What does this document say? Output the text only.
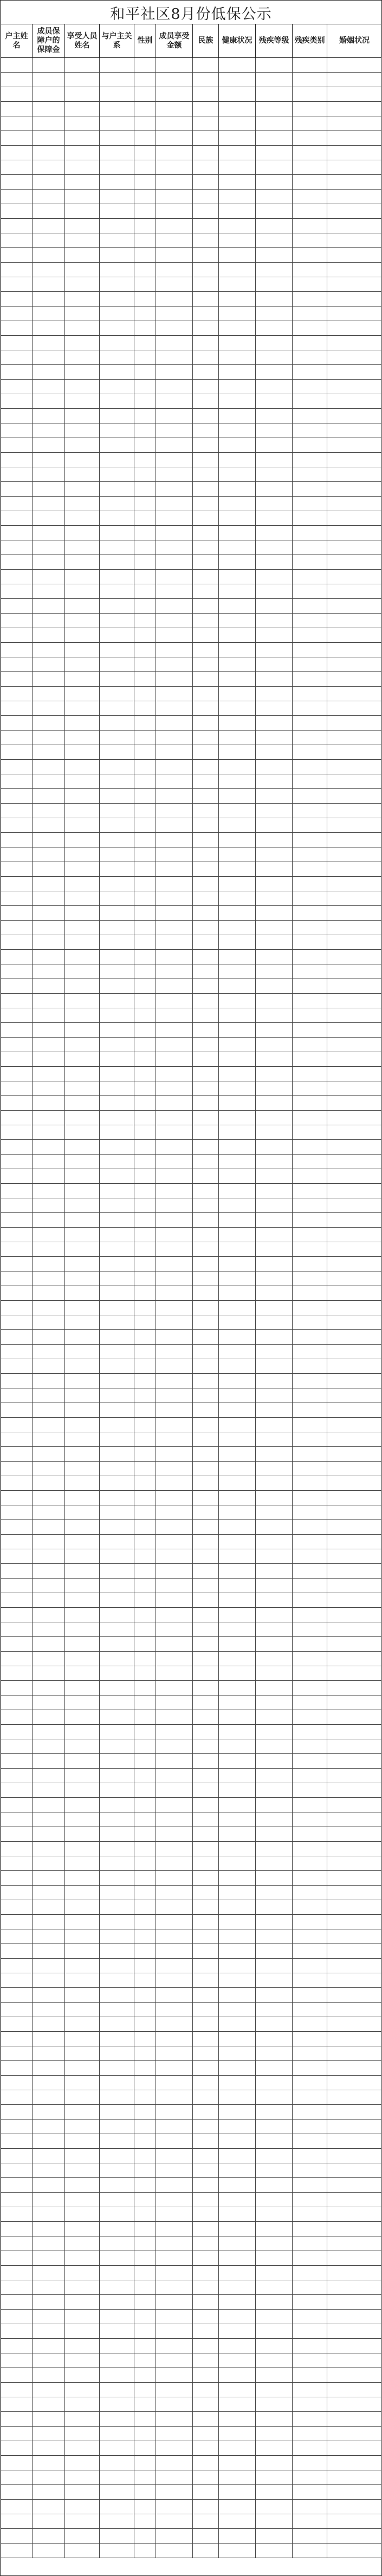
和平社区8月份低保公示
户主姓名
成员保障户的保障金
享受人员姓名
与户主关系
性别
成员享受金额
民族	健康状况 残疾等级 残疾类别	婚姻状况
